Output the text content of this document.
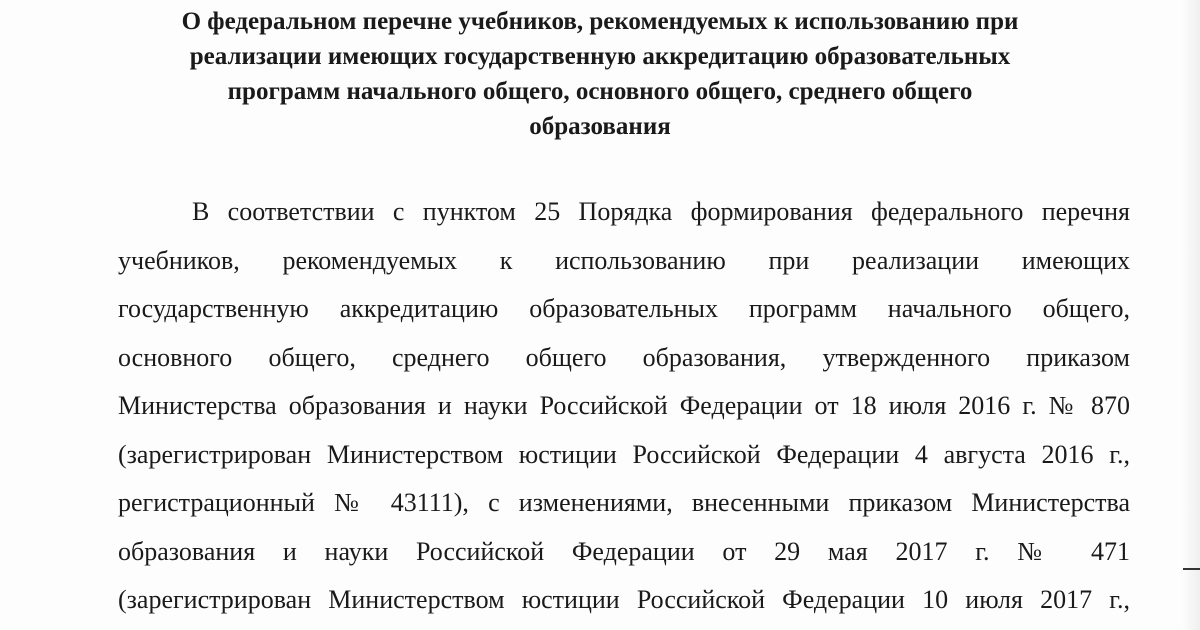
О федеральном перечне учебников, рекомендуемых к использованию при
реализации имеющих государственную аккредитацию образовательных
программ начального общего, основного общего, среднего общего
образования
В соответствии с пунктом 25 Порядка формирования федерального перечня
учебников, рекомендуемых к использованию при реализации имеющих
государственную аккредитацию образовательных программ начального общего,
основного общего, среднего общего образования, утвержденного приказом
Министерства образования и науки Российской Федерации от 18 июля 2016 г. № 870
(зарегистрирован Министерством юстиции Российской Федерации 4 августа 2016 г.,
регистрационный № 43111), с изменениями, внесенными приказом Министерства
образования и науки Российской Федерации от 29 мая 2017 г. № 471
(зарегистрирован Министерством юстиции Российской Федерации 10 июля 2017 г.,
